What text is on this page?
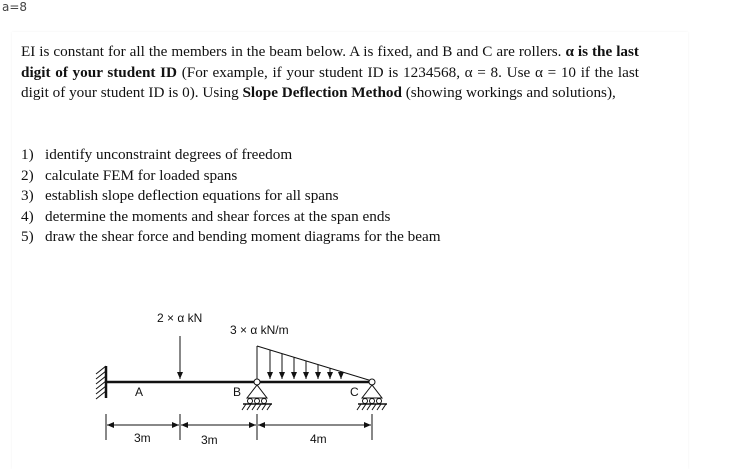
a=8

EI is constant for all the members in the beam below. A is fixed, and B and C are rollers. α is the last digit of your student ID (For example, if your student ID is 1234568, α = 8. Use α = 10 if the last digit of your student ID is 0). Using Slope Deflection Method (showing workings and solutions),

1) identify unconstraint degrees of freedom
2) calculate FEM for loaded spans
3) establish slope deflection equations for all spans
4) determine the moments and shear forces at the span ends
5) draw the shear force and bending moment diagrams for the beam
2 × α kN
3 × α kN/m
A	B	C
3m	3m	4m
